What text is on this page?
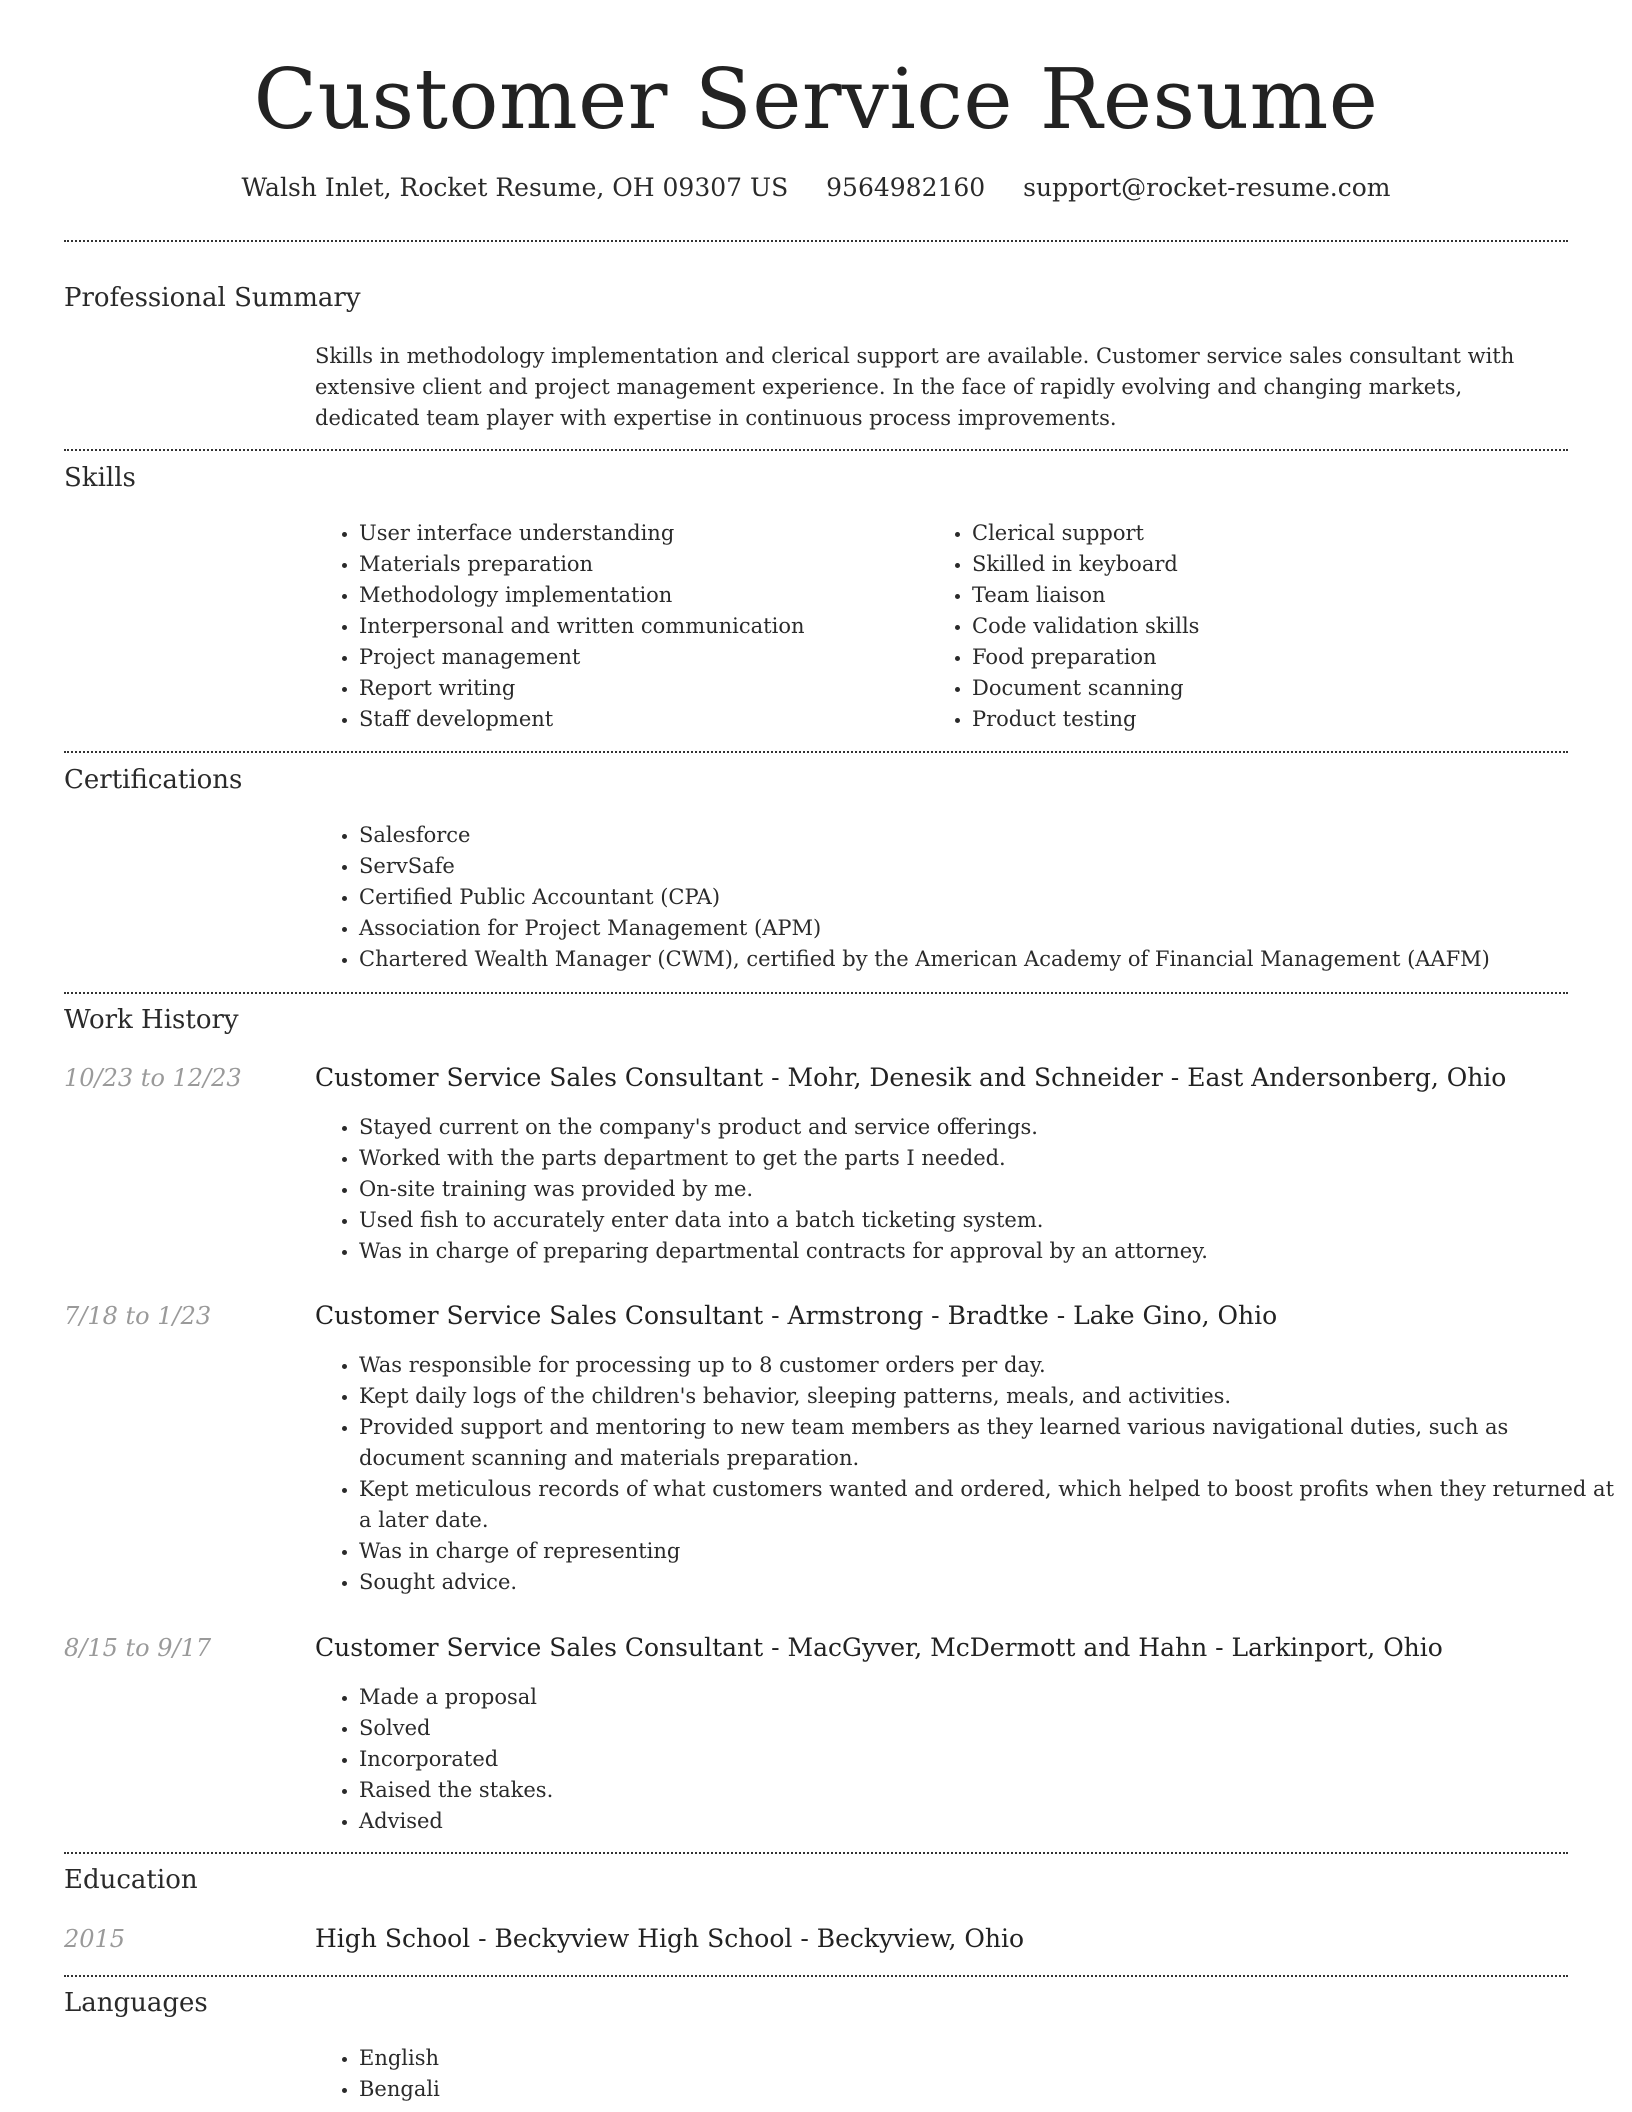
Customer Service Resume
Walsh Inlet, Rocket Resume, OH 09307 US 9564982160 support@rocket-resume.com
Professional Summary

Skills in methodology implementation and clerical support are available. Customer service sales consultant with extensive client and project management experience. In the face of rapidly evolving and changing markets, dedicated team player with expertise in continuous process improvements.

Skills
• User interface understanding
• Materials preparation
• Methodology implementation
• Interpersonal and written communication
• Project management
• Report writing
• Staff development
• Clerical support
• Skilled in keyboard
• Team liaison
• Code validation skills
• Food preparation
• Document scanning
• Product testing
Certifications
• Salesforce
• ServSafe
• Certified Public Accountant (CPA)
• Association for Project Management (APM)
• Chartered Wealth Manager (CWM), certified by the American Academy of Financial Management (AAFM)
Work History
10/23 to 12/23	Customer Service Sales Consultant - Mohr, Denesik and Schneider - East Andersonberg, Ohio
• Stayed current on the company's product and service offerings.
• Worked with the parts department to get the parts I needed.
• On-site training was provided by me.
• Used fish to accurately enter data into a batch ticketing system.
• Was in charge of preparing departmental contracts for approval by an attorney.
7/18 to 1/23	Customer Service Sales Consultant - Armstrong - Bradtke - Lake Gino, Ohio
• Was responsible for processing up to 8 customer orders per day.
• Kept daily logs of the children's behavior, sleeping patterns, meals, and activities.
• Provided support and mentoring to new team members as they learned various navigational duties, such as document scanning and materials preparation.
• Kept meticulous records of what customers wanted and ordered, which helped to boost profits when they returned at a later date.
• Was in charge of representing
• Sought advice.
8/15 to 9/17	Customer Service Sales Consultant - MacGyver, McDermott and Hahn - Larkinport, Ohio
• Made a proposal
• Solved
• Incorporated
• Raised the stakes.
• Advised
Education
2015	High School - Beckyview High School - Beckyview, Ohio
Languages
• English
• Bengali
